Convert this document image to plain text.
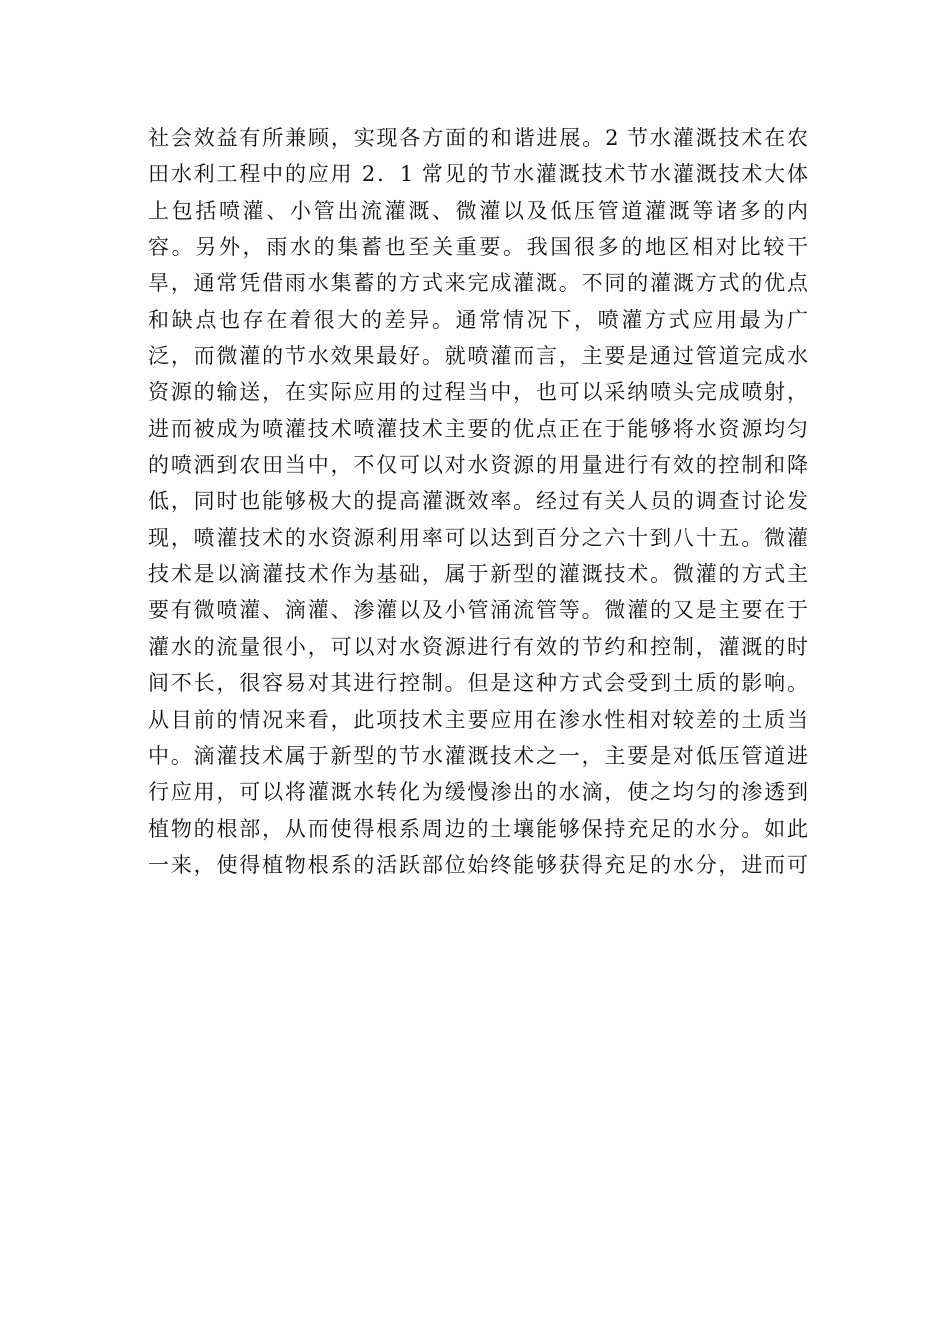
社会效益有所兼顾，实现各方面的和谐进展。2 节水灌溉技术在农

田水利工程中的应用 2．1 常见的节水灌溉技术节水灌溉技术大体

上包括喷灌、小管出流灌溉、微灌以及低压管道灌溉等诸多的内

容。另外，雨水的集蓄也至关重要。我国很多的地区相对比较干

旱，通常凭借雨水集蓄的方式来完成灌溉。不同的灌溉方式的优点

和缺点也存在着很大的差异。通常情况下，喷灌方式应用最为广

泛，而微灌的节水效果最好。就喷灌而言，主要是通过管道完成水

资源的输送，在实际应用的过程当中，也可以采纳喷头完成喷射，

进而被成为喷灌技术喷灌技术主要的优点正在于能够将水资源均匀

的喷洒到农田当中，不仅可以对水资源的用量进行有效的控制和降

低，同时也能够极大的提高灌溉效率。经过有关人员的调查讨论发

现，喷灌技术的水资源利用率可以达到百分之六十到八十五。微灌

技术是以滴灌技术作为基础，属于新型的灌溉技术。微灌的方式主

要有微喷灌、滴灌、渗灌以及小管涌流管等。微灌的又是主要在于

灌水的流量很小，可以对水资源进行有效的节约和控制，灌溉的时

间不长，很容易对其进行控制。但是这种方式会受到土质的影响。

从目前的情况来看，此项技术主要应用在渗水性相对较差的土质当

中。滴灌技术属于新型的节水灌溉技术之一，主要是对低压管道进

行应用，可以将灌溉水转化为缓慢渗出的水滴，使之均匀的渗透到

植物的根部，从而使得根系周边的土壤能够保持充足的水分。如此

一来，使得植物根系的活跃部位始终能够获得充足的水分，进而可
